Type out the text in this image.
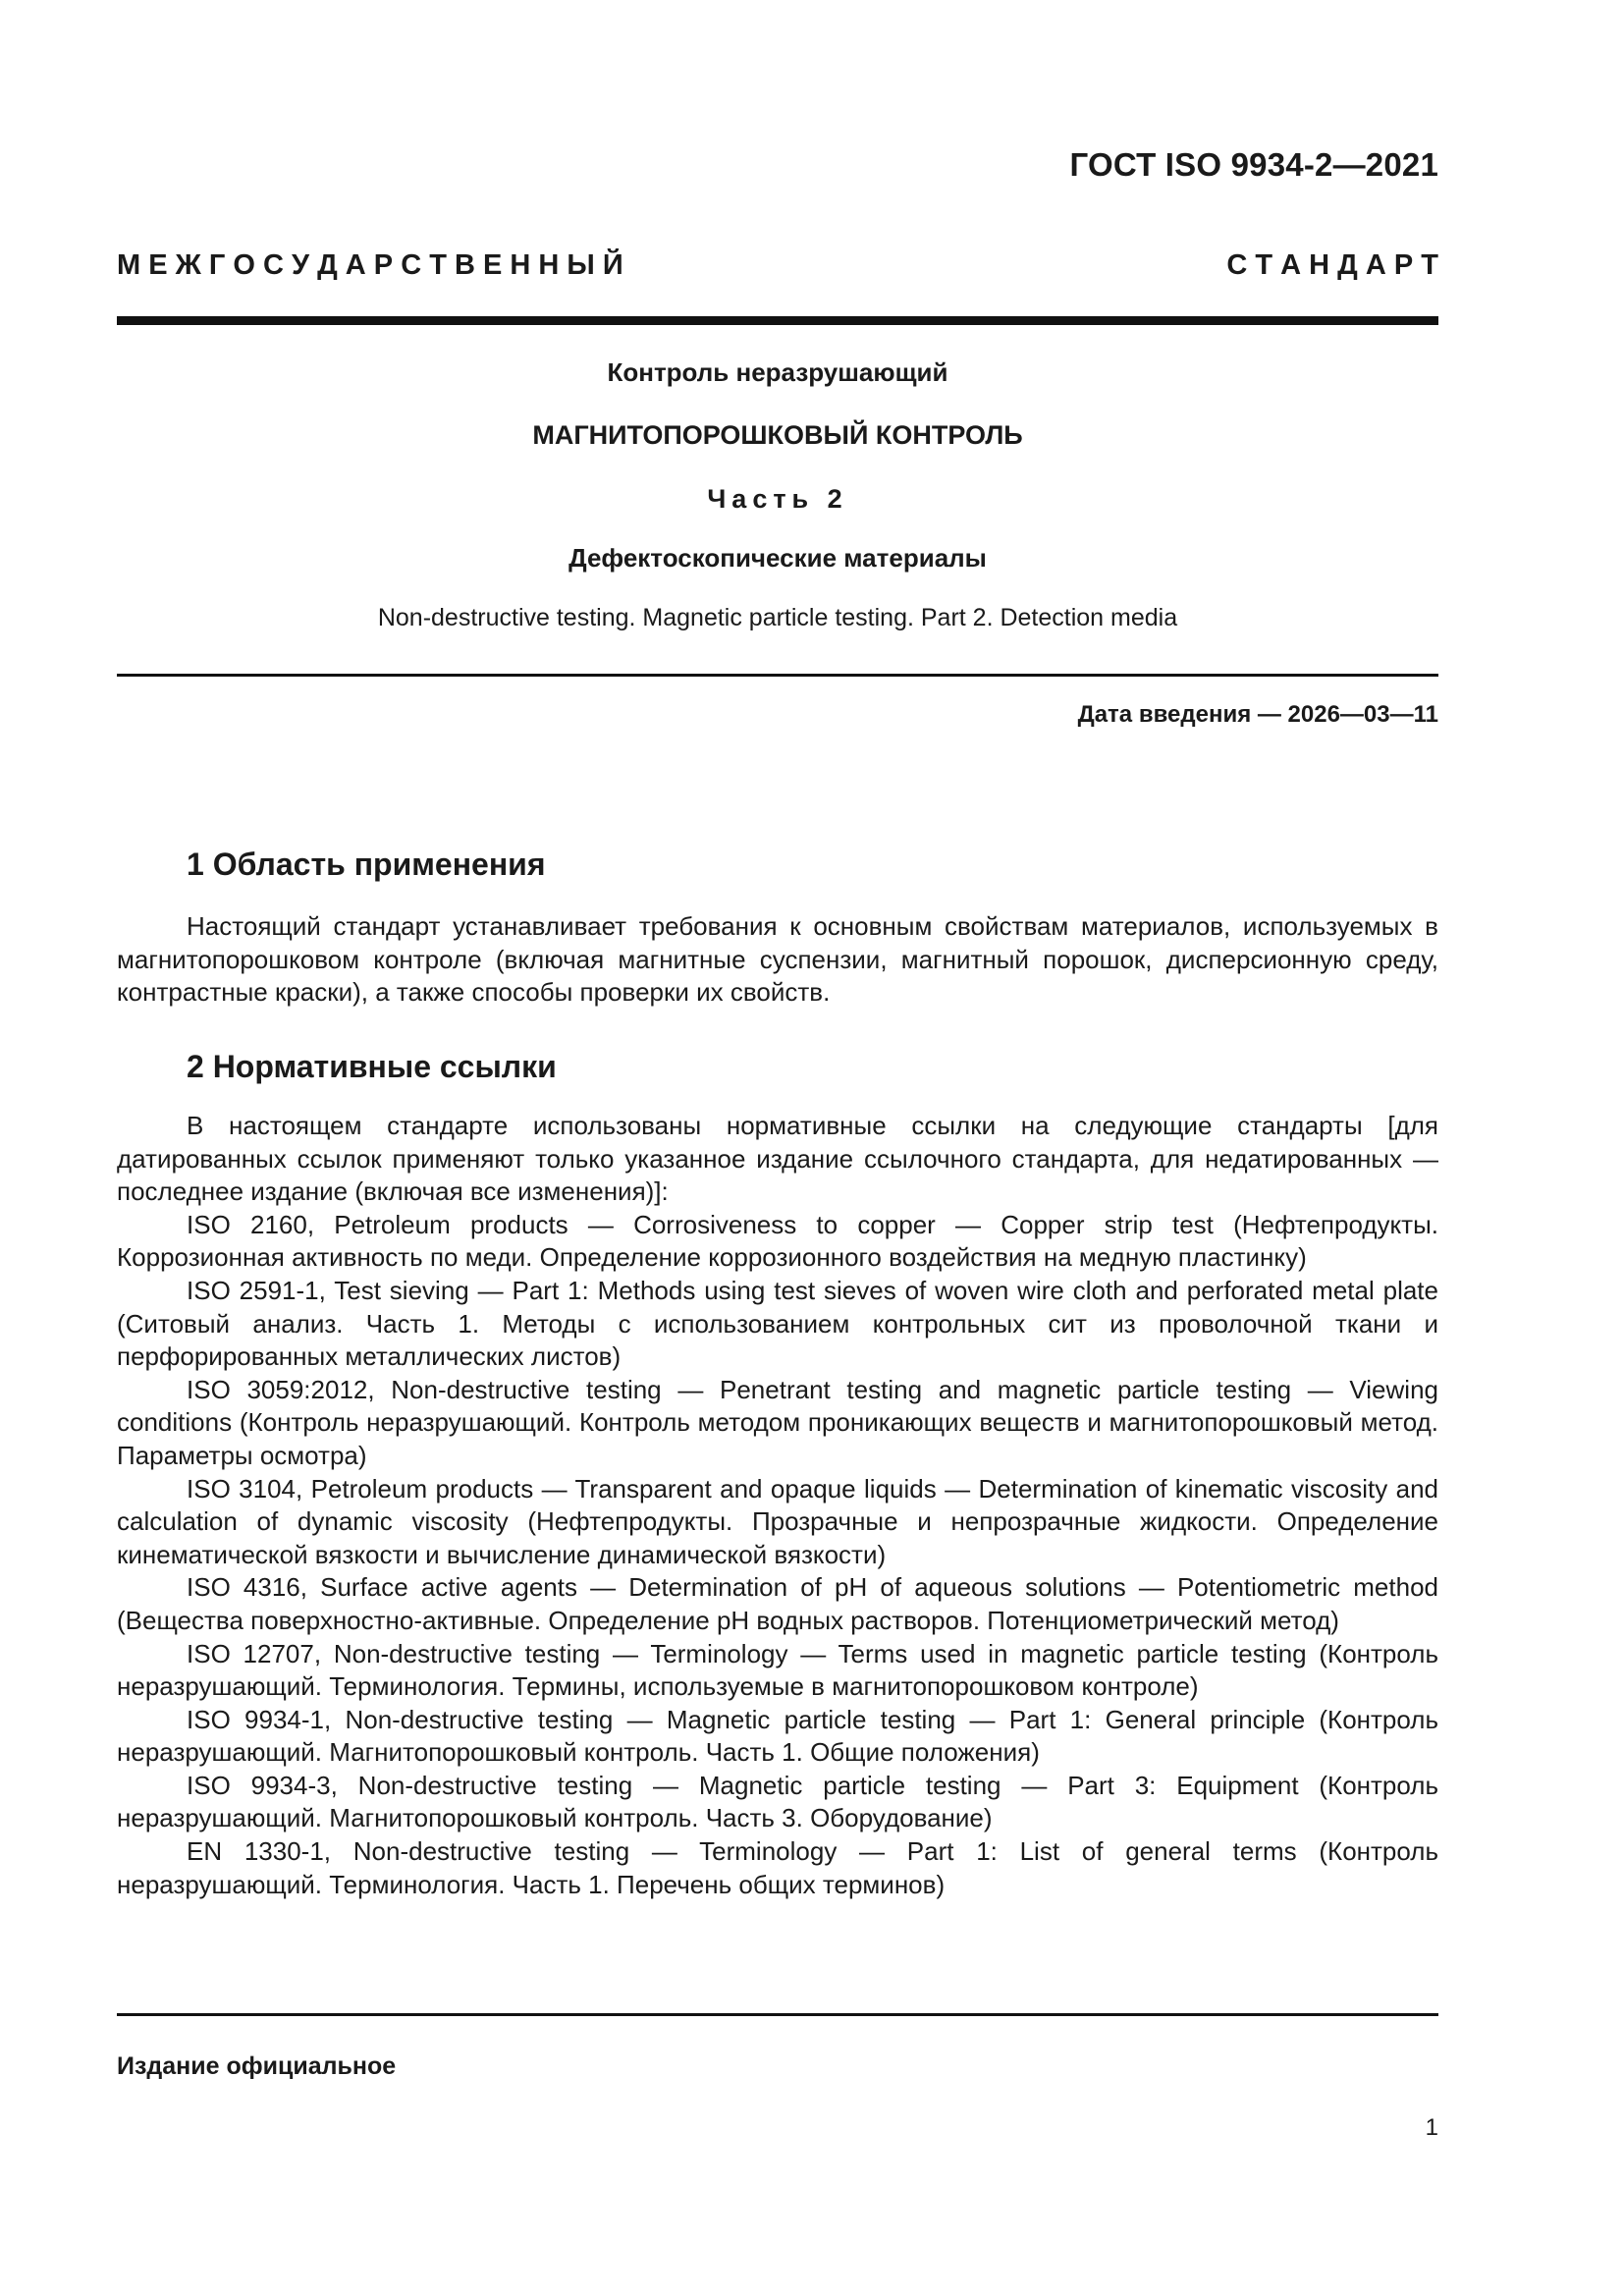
ГОСТ ISO 9934-2—2021
М Е Ж Г О С У Д А Р С Т В Е Н Н Ы Й	С Т А Н Д А Р Т
Контроль неразрушающий
МАГНИТОПОРОШКОВЫЙ КОНТРОЛЬ
Часть 2
Дефектоскопические материалы
Non-destructive testing. Magnetic particle testing. Part 2. Detection media
Дата введения — 2026—03—11
1 Область применения

Настоящий стандарт устанавливает требования к основным свойствам материалов, используемых в магнитопорошковом контроле (включая магнитные суспензии, магнитный порошок, дисперсионную среду, контрастные краски), а также способы проверки их свойств.

2 Нормативные ссылки

В настоящем стандарте использованы нормативные ссылки на следующие стандарты [для датированных ссылок применяют только указанное издание ссылочного стандарта, для недатированных — последнее издание (включая все изменения)]:

ISO 2160, Petroleum products — Corrosiveness to copper — Copper strip test (Нефтепродукты. Коррозионная активность по меди. Определение коррозионного воздействия на медную пластинку)

ISO 2591-1, Test sieving — Part 1: Methods using test sieves of woven wire cloth and perforated metal plate (Ситовый анализ. Часть 1. Методы с использованием контрольных сит из проволочной ткани и перфорированных металлических листов)

ISO 3059:2012, Non-destructive testing — Penetrant testing and magnetic particle testing — Viewing conditions (Контроль неразрушающий. Контроль методом проникающих веществ и магнитопорошковый метод. Параметры осмотра)

ISO 3104, Petroleum products — Transparent and opaque liquids — Determination of kinematic viscosity and calculation of dynamic viscosity (Нефтепродукты. Прозрачные и непрозрачные жидкости. Определение кинематической вязкости и вычисление динамической вязкости)

ISO 4316, Surface active agents — Determination of pH of aqueous solutions — Potentiometric method (Вещества поверхностно-активные. Определение pH водных растворов. Потенциометрический метод)

ISO 12707, Non-destructive testing — Terminology — Terms used in magnetic particle testing (Контроль неразрушающий. Терминология. Термины, используемые в магнитопорошковом контроле)

ISO 9934-1, Non-destructive testing — Magnetic particle testing — Part 1: General principle (Контроль неразрушающий. Магнитопорошковый контроль. Часть 1. Общие положения)

ISO 9934-3, Non-destructive testing — Magnetic particle testing — Part 3: Equipment (Контроль неразрушающий. Магнитопорошковый контроль. Часть 3. Оборудование)

EN 1330-1, Non-destructive testing — Terminology — Part 1: List of general terms (Контроль неразрушающий. Терминология. Часть 1. Перечень общих терминов)

Издание официальное
1
